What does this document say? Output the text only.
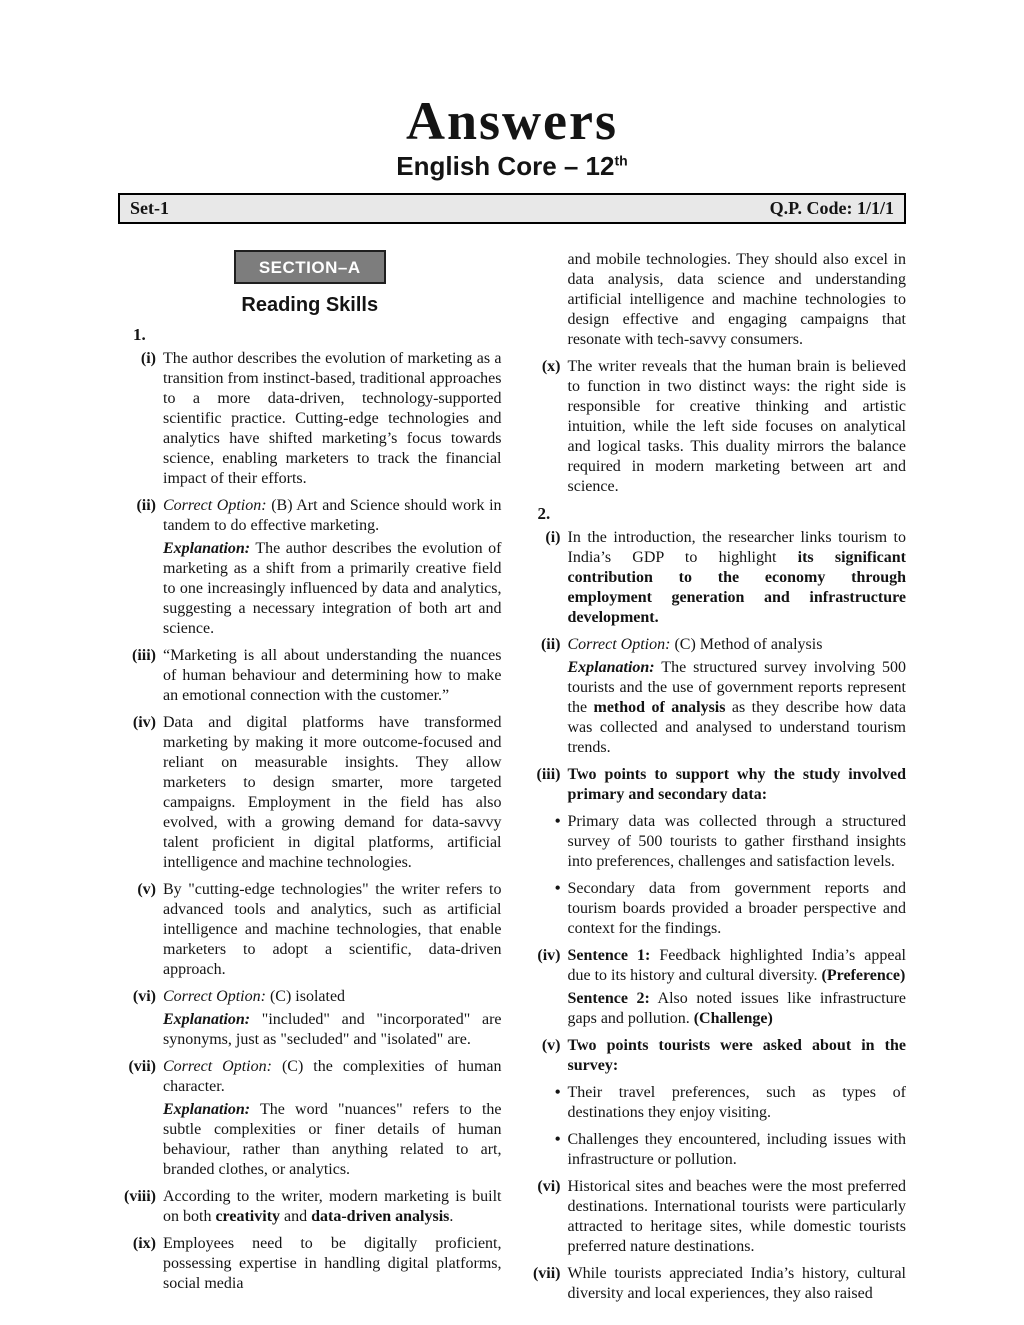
Answers
English Core – 12th
Set-1	Q.P. Code: 1/1/1
SECTION–A
Reading Skills
1.
(i) The author describes the evolution of marketing as a transition from instinct-based, traditional approaches to a more data-driven, technology-supported scientific practice. Cutting-edge technologies and analytics have shifted marketing’s focus towards science, enabling marketers to track the financial impact of their efforts.

(ii) Correct Option: (B) Art and Science should work in tandem to do effective marketing.

Explanation: The author describes the evolution of marketing as a shift from a primarily creative field to one increasingly influenced by data and analytics, suggesting a necessary integration of both art and science.

(iii) “Marketing is all about understanding the nuances of human behaviour and determining how to make an emotional connection with the customer.”

(iv) Data and digital platforms have transformed marketing by making it more outcome-focused and reliant on measurable insights. They allow marketers to design smarter, more targeted campaigns. Employment in the field has also evolved, with a growing demand for data-savvy talent proficient in digital platforms, artificial intelligence and machine technologies.

(v) By "cutting-edge technologies" the writer refers to advanced tools and analytics, such as artificial intelligence and machine technologies, that enable marketers to adopt a scientific, data-driven approach.

(vi) Correct Option: (C) isolated

Explanation: "included" and "incorporated" are synonyms, just as "secluded" and "isolated" are.

(vii) Correct Option: (C) the complexities of human character.

Explanation: The word "nuances" refers to the subtle complexities or finer details of human behaviour, rather than anything related to art, branded clothes, or analytics.

(viii) According to the writer, modern marketing is built on both creativity and data-driven analysis.

(ix) Employees need to be digitally proficient, possessing expertise in handling digital platforms, social media

and mobile technologies. They should also excel in data analysis, data science and understanding artificial intelligence and machine technologies to design effective and engaging campaigns that resonate with tech-savvy consumers.

(x) The writer reveals that the human brain is believed to function in two distinct ways: the right side is responsible for creative thinking and artistic intuition, while the left side focuses on analytical and logical tasks. This duality mirrors the balance required in modern marketing between art and science.

2.
(i) In the introduction, the researcher links tourism to India’s GDP to highlight its significant contribution to the economy through employment generation and infrastructure development.

(ii) Correct Option: (C) Method of analysis

Explanation: The structured survey involving 500 tourists and the use of government reports represent the method of analysis as they describe how data was collected and analysed to understand tourism trends.

(iii) Two points to support why the study involved primary and secondary data:

• Primary data was collected through a structured survey of 500 tourists to gather firsthand insights into preferences, challenges and satisfaction levels.

• Secondary data from government reports and tourism boards provided a broader perspective and context for the findings.

(iv) Sentence 1: Feedback highlighted India’s appeal due to its history and cultural diversity. (Preference)

Sentence 2: Also noted issues like infrastructure gaps and pollution. (Challenge)

(v) Two points tourists were asked about in the survey:

• Their travel preferences, such as types of destinations they enjoy visiting.

• Challenges they encountered, including issues with infrastructure or pollution.

(vi) Historical sites and beaches were the most preferred destinations. International tourists were particularly attracted to heritage sites, while domestic tourists preferred nature destinations.

(vii) While tourists appreciated India’s history, cultural diversity and local experiences, they also raised
